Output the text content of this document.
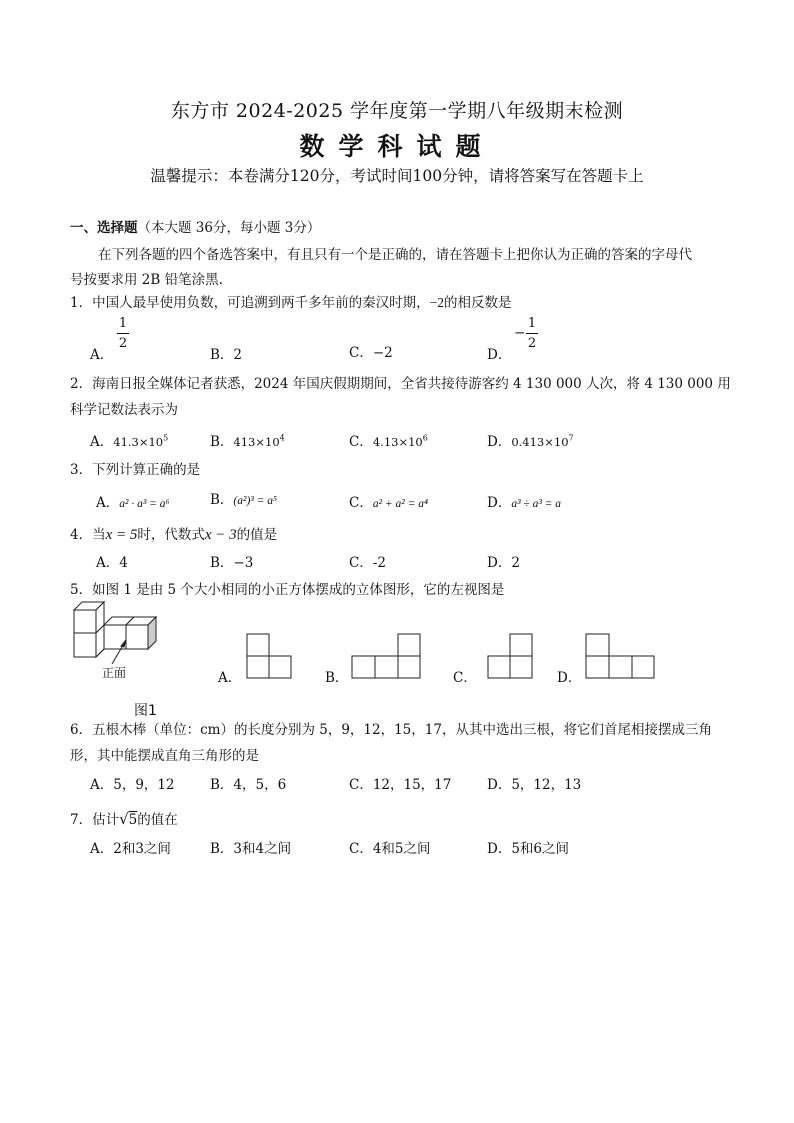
东方市 2024-2025 学年度第一学期八年级期末检测
数学科试题
温馨提示：本卷满分120分，考试时间100分钟，请将答案写在答题卡上
一、选择题（本大题 36分，每小题 3分）
在下列各题的四个备选答案中，有且只有一个是正确的，请在答题卡上把你认为正确的答案的字母代
号按要求用 2B 铅笔涂黑.
1．中国人最早使用负数，可追溯到两千多年前的秦汉时期，−2的相反数是
A．
1
2
B．2	C．−2	D．
−
1
2
2．海南日报全媒体记者获悉，2024 年国庆假期期间，全省共接待游客约 4 130 000 人次，将 4 130 000 用
科学记数法表示为
A．$41.3\times 10^5$	B．$413\times 10^4$	C．$4.13\times 10^6$	D．$0.413\times 10^7$
3．下列计算正确的是
A．a² · a³ = a⁶	B．(a²)³ = a⁵	C．a² + a² = a⁴	D．a³ ÷ a³ = a
4．当x = 5时，代数式x − 3的值是
A．4	B．−3	C．-2	D．2
5．如图 1 是由 5 个大小相同的小正方体摆成的立体图形，它的左视图是
正面
图1
A．	B．	C．	D．
6．五根木棒（单位：cm）的长度分别为 5，9，12，15，17，从其中选出三根，将它们首尾相接摆成三角
形，其中能摆成直角三角形的是
A．5，9，12	B．4，5，6	C．12，15，17	D．5，12，13
7．估计√5的值在
A．2和3之间	B．3和4之间	C．4和5之间	D．5和6之间
